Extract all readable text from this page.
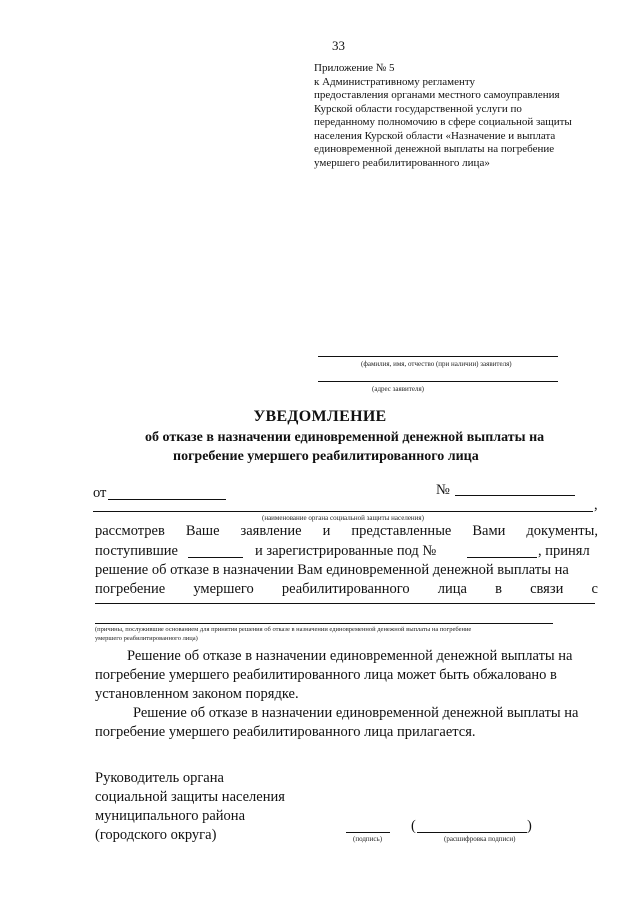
33
Приложение № 5
к Административному регламенту
предоставления органами местного самоуправления
Курской области государственной услуги по
переданному полномочию в сфере социальной защиты
населения Курской области «Назначение и выплата
единовременной денежной выплаты на погребение
умершего реабилитированного лица»
(фамилия, имя, отчество (при наличии) заявителя)
(адрес заявителя)
УВЕДОМЛЕНИЕ
об отказе в назначении единовременной денежной выплаты на
погребение умершего реабилитированного лица
от	№
,
(наименование органа социальной защиты населения)
рассмотрев Ваше заявление и представленные Вами документы,
поступившие	и зарегистрированные под №	, принял
решение об отказе в назначении Вам единовременной денежной выплаты на
погребение умершего реабилитированного лица в связи с
(причины, послужившие основанием для принятия решения об отказе в назначении единовременной денежной выплаты на погребение
умершего реабилитированного лица)
Решение об отказе в назначении единовременной денежной выплаты на
погребение умершего реабилитированного лица может быть обжаловано в
установленном законом порядке.
Решение об отказе в назначении единовременной денежной выплаты на
погребение умершего реабилитированного лица прилагается.
Руководитель органа
социальной защиты населения
муниципального района
(городского округа)	(подпись)
(	)
(расшифровка подписи)
